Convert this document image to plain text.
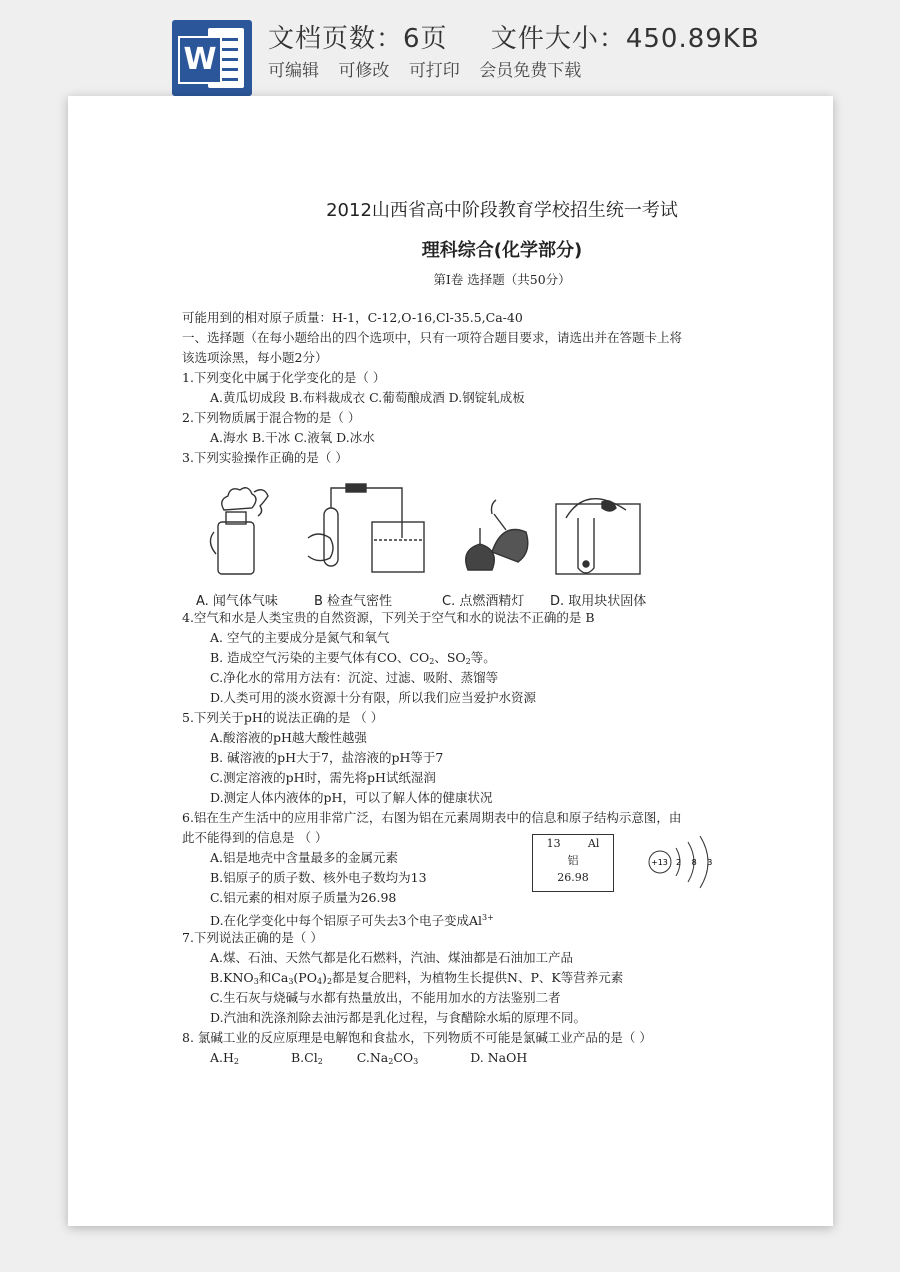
W
文档页数：6页 文件大小：450.89KB
可编辑 可修改 可打印 会员免费下载
2012山西省高中阶段教育学校招生统一考试
理科综合(化学部分)
第Ⅰ卷 选择题（共50分）
可能用到的相对原子质量：H-1，C-12,O-16,Cl-35.5,Ca-40
一、选择题（在每小题给出的四个选项中，只有一项符合题目要求，请选出并在答题卡上将
该选项涂黑，每小题2分）
1.下列变化中属于化学变化的是（ ）
A.黄瓜切成段 B.布料裁成衣 C.葡萄酿成酒 D.钢锭轧成板
2.下列物质属于混合物的是（ ）
A.海水 B.干冰 C.液氧 D.冰水
3.下列实验操作正确的是（ ）
A. 闻气体气味	B 检查气密性	C. 点燃酒精灯 D. 取用块状固体
4.空气和水是人类宝贵的自然资源，下列关于空气和水的说法不正确的是 B
A. 空气的主要成分是氮气和氧气
B. 造成空气污染的主要气体有CO、$CO_2$、$SO_2$等。
C.净化水的常用方法有：沉淀、过滤、吸附、蒸馏等
D.人类可用的淡水资源十分有限，所以我们应当爱护水资源
5.下列关于pH的说法正确的是 （ ）
A.酸溶液的pH越大酸性越强
B. 碱溶液的pH大于7，盐溶液的pH等于7
C.测定溶液的pH时，需先将pH试纸湿润
D.测定人体内液体的pH，可以了解人体的健康状况
6.铝在生产生活中的应用非常广泛，右图为铝在元素周期表中的信息和原子结构示意图，由
此不能得到的信息是 （ ）
A.铝是地壳中含量最多的金属元素
B.铝原子的质子数、核外电子数均为13
C.铝元素的相对原子质量为26.98
D.在化学变化中每个铝原子可失去3个电子变成$Al^{3+}$
7.下列说法正确的是（ ）
A.煤、石油、天然气都是化石燃料，汽油、煤油都是石油加工产品
$B.KNO_3$和$Ca_3(PO_4)_2$都是复合肥料，为植物生长提供N、P、K等营养元素
C.生石灰与烧碱与水都有热量放出，不能用加水的方法鉴别二者
D.汽油和洗涤剂除去油污都是乳化过程，与食醋除水垢的原理不同。
8. 氯碱工业的反应原理是电解饱和食盐水，下列物质不可能是氯碱工业产品的是（ ）
$A.H_2$	$B.Cl_2$	$C.Na_2CO_3$	D. NaOH
13 Al
铝
26.98
+13 2 8 3
